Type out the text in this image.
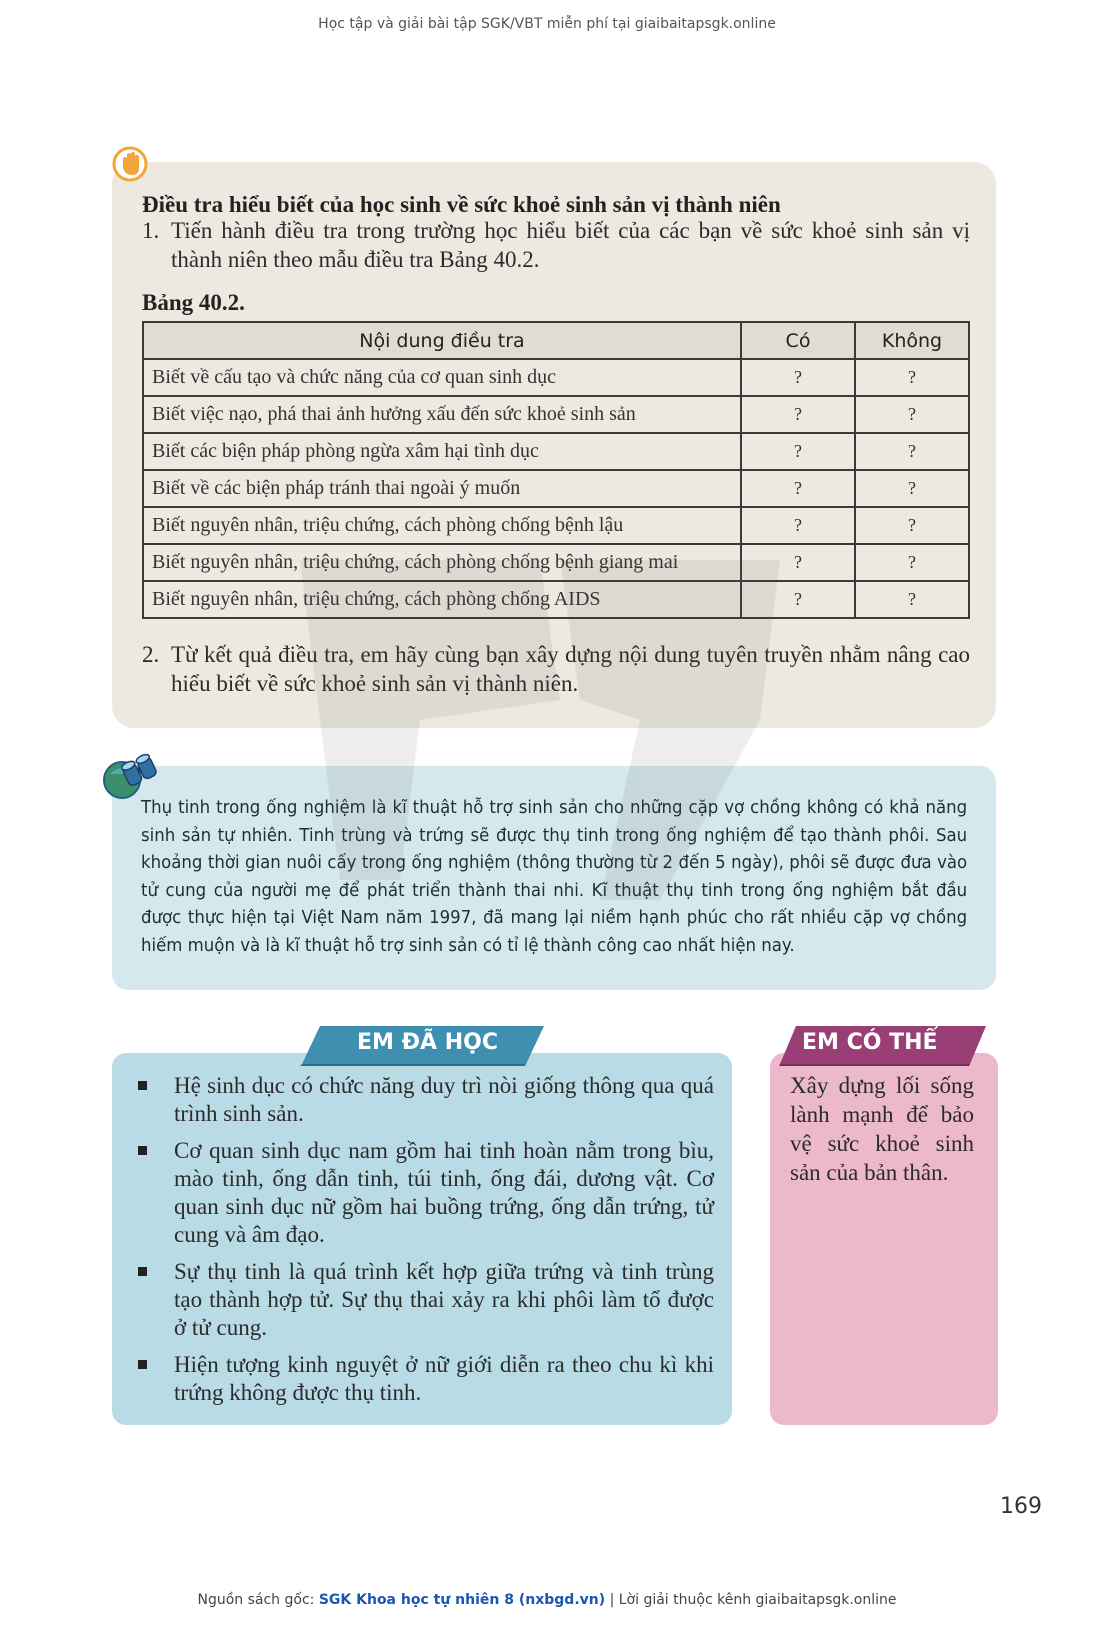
Học tập và giải bài tập SGK/VBT miễn phí tại giaibaitapsgk.online
Điều tra hiểu biết của học sinh về sức khoẻ sinh sản vị thành niên
1. Tiến hành điều tra trong trường học hiểu biết của các bạn về sức khoẻ sinh sản vị thành niên theo mẫu điều tra Bảng 40.2.
Bảng 40.2.
Nội dung điều tra	Có	Không
Biết về cấu tạo và chức năng của cơ quan sinh dục	?	?
Biết việc nạo, phá thai ảnh hưởng xấu đến sức khoẻ sinh sản	?	?
Biết các biện pháp phòng ngừa xâm hại tình dục	?	?
Biết về các biện pháp tránh thai ngoài ý muốn	?	?
Biết nguyên nhân, triệu chứng, cách phòng chống bệnh lậu	?	?
Biết nguyên nhân, triệu chứng, cách phòng chống bệnh giang mai	?	?
Biết nguyên nhân, triệu chứng, cách phòng chống AIDS	?	?
2. Từ kết quả điều tra, em hãy cùng bạn xây dựng nội dung tuyên truyền nhằm nâng cao hiểu biết về sức khoẻ sinh sản vị thành niên.
Thụ tinh trong ống nghiệm là kĩ thuật hỗ trợ sinh sản cho những cặp vợ chồng không có khả năng sinh sản tự nhiên. Tinh trùng và trứng sẽ được thụ tinh trong ống nghiệm để tạo thành phôi. Sau khoảng thời gian nuôi cấy trong ống nghiệm (thông thường từ 2 đến 5 ngày), phôi sẽ được đưa vào tử cung của người mẹ để phát triển thành thai nhi. Kĩ thuật thụ tinh trong ống nghiệm bắt đầu được thực hiện tại Việt Nam năm 1997, đã mang lại niềm hạnh phúc cho rất nhiều cặp vợ chồng hiếm muộn và là kĩ thuật hỗ trợ sinh sản có tỉ lệ thành công cao nhất hiện nay.
EM ĐÃ HỌC
Hệ sinh dục có chức năng duy trì nòi giống thông qua quá trình sinh sản.
Cơ quan sinh dục nam gồm hai tinh hoàn nằm trong bìu, mào tinh, ống dẫn tinh, túi tinh, ống đái, dương vật. Cơ quan sinh dục nữ gồm hai buồng trứng, ống dẫn trứng, tử cung và âm đạo.
Sự thụ tinh là quá trình kết hợp giữa trứng và tinh trùng tạo thành hợp tử. Sự thụ thai xảy ra khi phôi làm tổ được ở tử cung.
Hiện tượng kinh nguyệt ở nữ giới diễn ra theo chu kì khi trứng không được thụ tinh.
EM CÓ THỂ
Xây dựng lối sống lành mạnh để bảo vệ sức khoẻ sinh sản của bản thân.
169
Nguồn sách gốc: SGK Khoa học tự nhiên 8 (nxbgd.vn) | Lời giải thuộc kênh giaibaitapsgk.online
